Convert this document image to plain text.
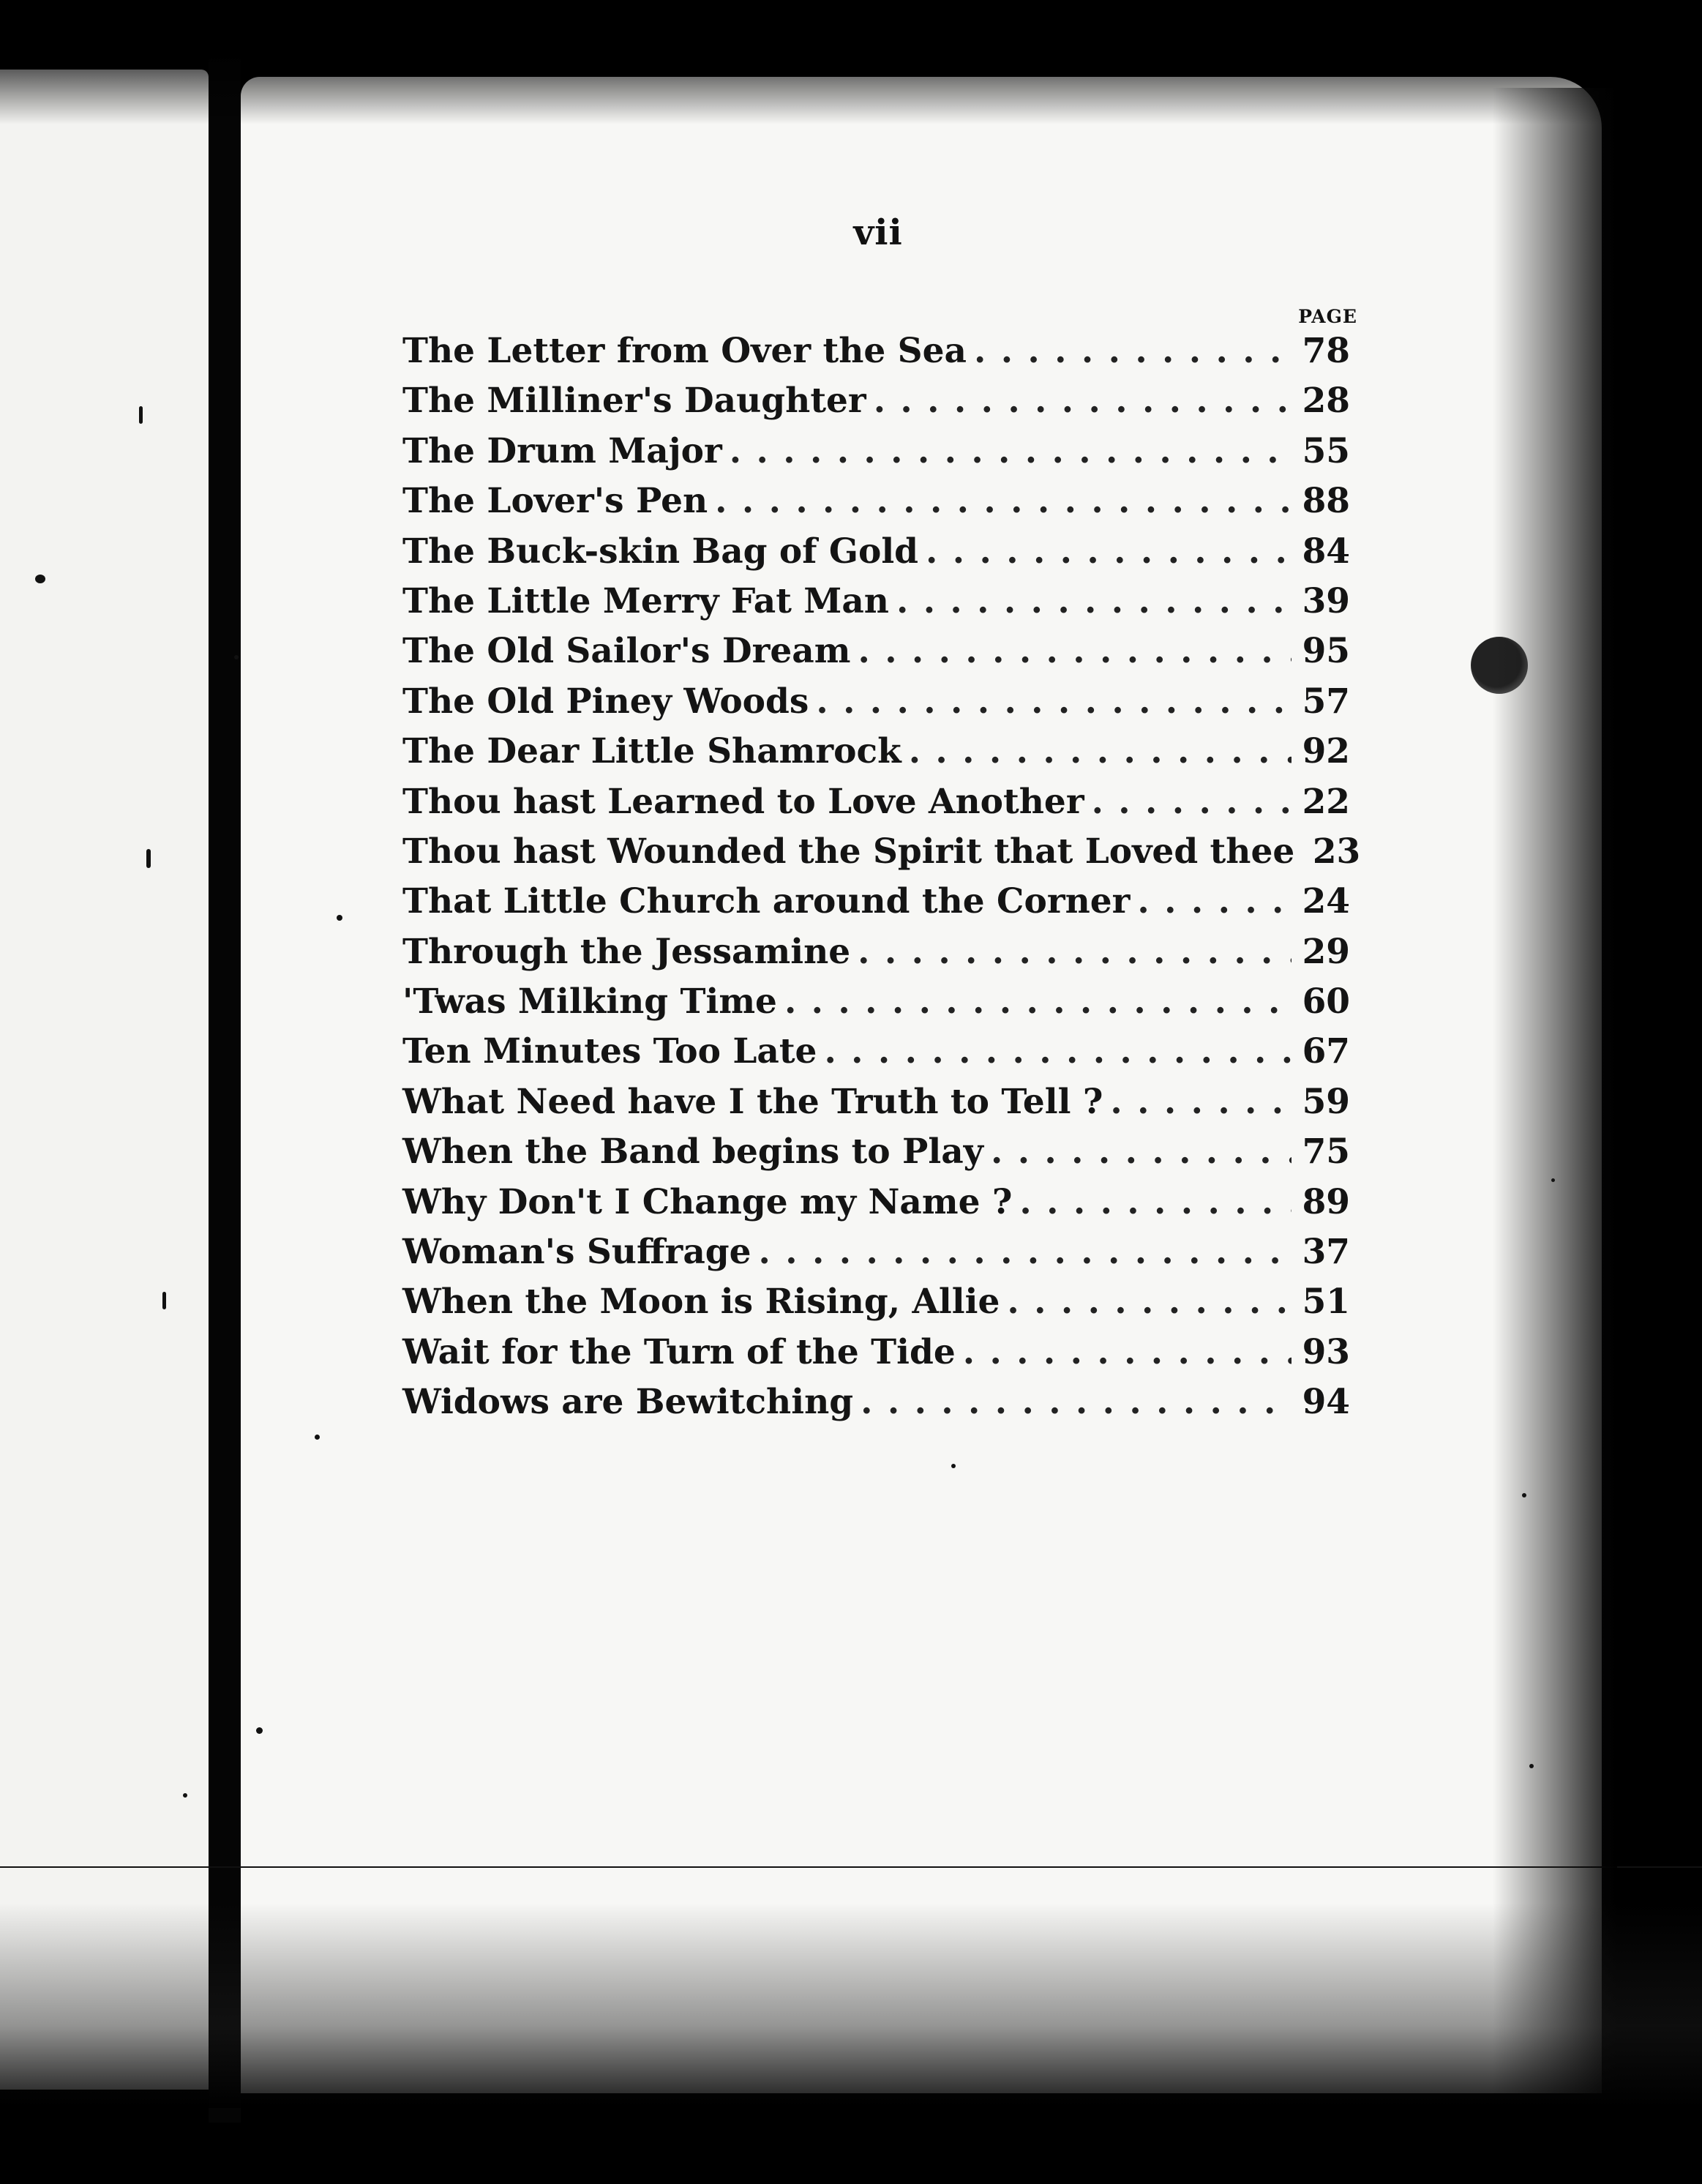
vii
PAGE
The Letter from Over the Sea . . .	78
The Milliner's Daughter . . .	28
The Drum Major . . .	55
The Lover's Pen . . .	88
The Buck-skin Bag of Gold . . .	84
The Little Merry Fat Man . . .	39
The Old Sailor's Dream . . .	95
The Old Piney Woods . . .	57
The Dear Little Shamrock . . .	92
Thou hast Learned to Love Another . . .	22
Thou hast Wounded the Spirit that Loved thee 23
That Little Church around the Corner . . .	24
Through the Jessamine . . .	29
'Twas Milking Time . . .	60
Ten Minutes Too Late . . .	67
What Need have I the Truth to Tell ? . . .	59
When the Band begins to Play . . .	75
Why Don't I Change my Name ? . . .	89
Woman's Suffrage . . .	37
When the Moon is Rising, Allie . . .	51
Wait for the Turn of the Tide . . .	93
Widows are Bewitching . . .	94
